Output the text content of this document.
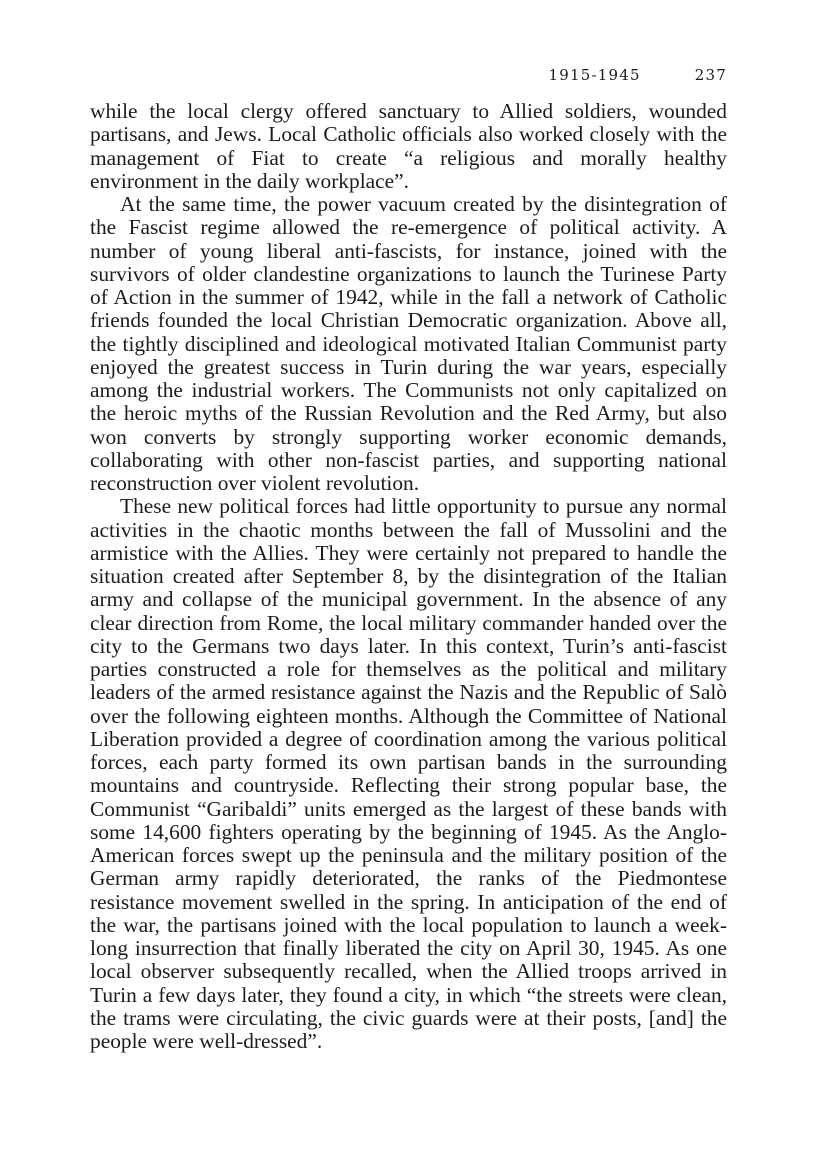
1915-1945	237

while the local clergy offered sanctuary to Allied soldiers, wounded partisans, and Jews. Local Catholic officials also worked closely with the management of Fiat to create “a religious and morally healthy environment in the daily workplace”.

At the same time, the power vacuum created by the disintegration of the Fascist regime allowed the re-emergence of political activity. A number of young liberal anti-fascists, for instance, joined with the survivors of older clandestine organizations to launch the Turinese Party of Action in the summer of 1942, while in the fall a network of Catholic friends founded the local Christian Democratic organization. Above all, the tightly disciplined and ideological motivated Italian Communist party enjoyed the greatest success in Turin during the war years, especially among the industrial workers. The Communists not only capitalized on the heroic myths of the Russian Revolution and the Red Army, but also won converts by strongly supporting worker economic demands, collaborating with other non-fascist parties, and supporting national reconstruction over violent revolution.

These new political forces had little opportunity to pursue any normal activities in the chaotic months between the fall of Mussolini and the armistice with the Allies. They were certainly not prepared to handle the situation created after September 8, by the disintegration of the Italian army and collapse of the municipal government. In the absence of any clear direction from Rome, the local military commander handed over the city to the Germans two days later. In this context, Turin’s anti-fascist parties constructed a role for themselves as the political and military leaders of the armed resistance against the Nazis and the Republic of Salò over the following eighteen months. Although the Committee of National Liberation provided a degree of coordination among the various political forces, each party formed its own partisan bands in the surrounding mountains and countryside. Reflecting their strong popular base, the Communist “Garibaldi” units emerged as the largest of these bands with some 14,600 fighters operating by the beginning of 1945. As the Anglo-American forces swept up the peninsula and the military position of the German army rapidly deteriorated, the ranks of the Piedmontese resistance movement swelled in the spring. In anticipation of the end of the war, the partisans joined with the local population to launch a week-long insurrection that finally liberated the city on April 30, 1945. As one local observer subsequently recalled, when the Allied troops arrived in Turin a few days later, they found a city, in which “the streets were clean, the trams were circulating, the civic guards were at their posts, [and] the people were well-dressed”.
